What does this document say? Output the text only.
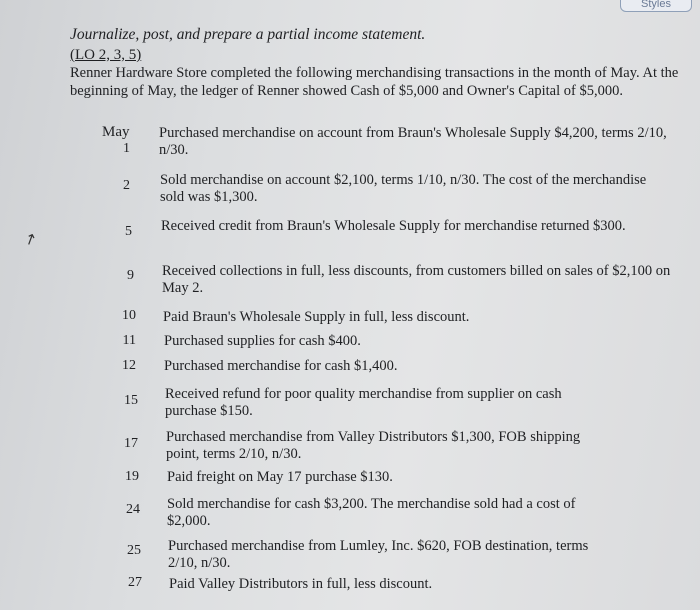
Styles
Journalize, post, and prepare a partial income statement.
(LO 2, 3, 5)
Renner Hardware Store completed the following merchandising transactions in the month of May. At the beginning of May, the ledger of Renner showed Cash of $5,000 and Owner's Capital of $5,000.
May
↗
1
2
5
9
10
11
12
15
17
19
24
25
27
Purchased merchandise on account from Braun's Wholesale Supply $4,200, terms 2/10, n/30.
Sold merchandise on account $2,100, terms 1/10, n/30. The cost of the merchandise sold was $1,300.
Received credit from Braun's Wholesale Supply for merchandise returned $300.
Received collections in full, less discounts, from customers billed on sales of $2,100 on May 2.
Paid Braun's Wholesale Supply in full, less discount.
Purchased supplies for cash $400.
Purchased merchandise for cash $1,400.
Received refund for poor quality merchandise from supplier on cash purchase $150.
Purchased merchandise from Valley Distributors $1,300, FOB shipping point, terms 2/10, n/30.
Paid freight on May 17 purchase $130.
Sold merchandise for cash $3,200. The merchandise sold had a cost of $2,000.
Purchased merchandise from Lumley, Inc. $620, FOB destination, terms 2/10, n/30.
Paid Valley Distributors in full, less discount.
